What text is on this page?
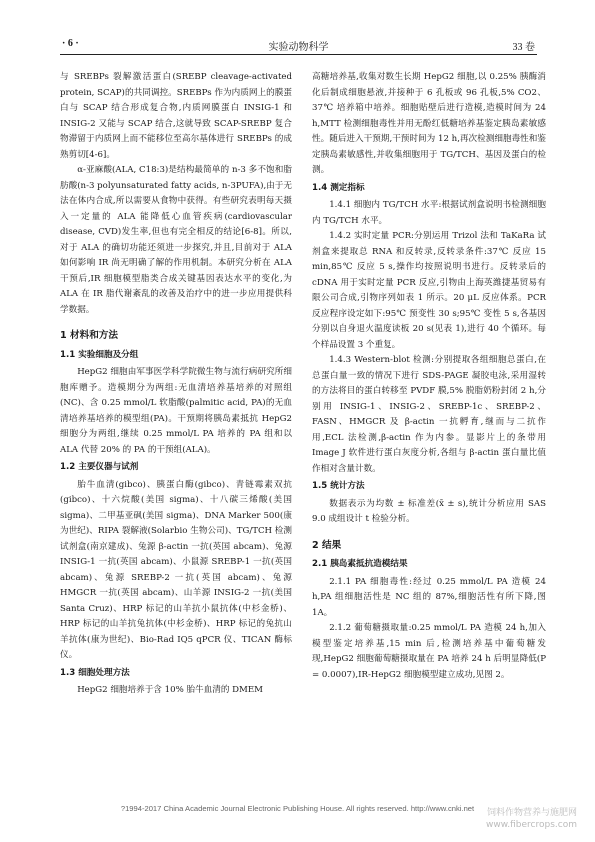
· 6 ·	实验动物科学	33 卷

与 SREBPs 裂解激活蛋白(SREBP cleavage-activated protein, SCAP)的共同调控。SREBPs 作为内质网上的膜蛋白与 SCAP 结合形成复合物,内质网膜蛋白 INSIG-1 和 INSIG-2 又能与 SCAP 结合,这就导致 SCAP-SREBP 复合物滞留于内质网上而不能移位至高尔基体进行 SREBPs 的成熟剪切[4-6]。

α-亚麻酸(ALA, C18:3)是结构最简单的 n-3 多不饱和脂肪酸(n-3 polyunsaturated fatty acids, n-3PUFA),由于无法在体内合成,所以需要从食物中获得。有些研究表明每天摄入一定量的 ALA 能降低心血管疾病(cardiovascular disease, CVD)发生率,但也有完全相反的结论[6-8]。所以,对于 ALA 的确切功能还须进一步探究,并且,目前对于 ALA 如何影响 IR 尚无明确了解的作用机制。本研究分析在 ALA 干预后,IR 细胞模型脂类合成关键基因表达水平的变化,为 ALA 在 IR 脂代谢紊乱的改善及治疗中的进一步应用提供科学数据。

1 材料和方法
1.1 实验细胞及分组

HepG2 细胞由军事医学科学院微生物与流行病研究所细胞库赠予。造模期分为两组:无血清培养基培养的对照组(NC)、含 0.25 mmol/L 软脂酸(palmitic acid, PA)的无血清培养基培养的模型组(PA)。干预期将胰岛素抵抗 HepG2 细胞分为两组,继续 0.25 mmol/L PA 培养的 PA 组和以 ALA 代替 20% 的 PA 的干预组(ALA)。

1.2 主要仪器与试剂

胎牛血清(gibco)、胰蛋白酶(gibco)、青链霉素双抗(gibco)、十六烷酸(美国 sigma)、十八碳三烯酸(美国 sigma)、二甲基亚砜(美国 sigma)、DNA Marker 500(康为世纪)、RIPA 裂解液(Solarbio 生物公司)、TG/TCH 检测试剂盒(南京建成)、兔源 β-actin 一抗(英国 abcam)、兔源 INSIG-1 一抗(英国 abcam)、小鼠源 SREBP-1 一抗(英国 abcam)、兔源 SREBP-2 一抗(英国 abcam)、兔源 HMGCR 一抗(英国 abcam)、山羊源 INSIG-2 一抗(美国 Santa Cruz)、HRP 标记的山羊抗小鼠抗体(中杉金桥)、HRP 标记的山羊抗兔抗体(中杉金桥)、HRP 标记的兔抗山羊抗体(康为世纪)、Bio-Rad IQ5 qPCR 仪、TICAN 酶标仪。

1.3 细胞处理方法

HepG2 细胞培养于含 10% 胎牛血清的 DMEM

高糖培养基,收集对数生长期 HepG2 细胞,以 0.25% 胰酶消化后制成细胞悬液,并接种于 6 孔板或 96 孔板,5% CO2、37℃ 培养箱中培养。细胞贴壁后进行造模,造模时间为 24 h,MTT 检测细胞毒性并用无酚红低糖培养基鉴定胰岛素敏感性。随后进入干预期,干预时间为 12 h,再次检测细胞毒性和鉴定胰岛素敏感性,并收集细胞用于 TG/TCH、基因及蛋白的检测。

1.4 测定指标

1.4.1 细胞内 TG/TCH 水平:根据试剂盒说明书检测细胞内 TG/TCH 水平。

1.4.2 实时定量 PCR:分别运用 Trizol 法和 TaKaRa 试剂盒来提取总 RNA 和反转录,反转录条件:37℃ 反应 15 min,85℃ 反应 5 s,操作均按照说明书进行。反转录后的 cDNA 用于实时定量 PCR 反应,引物由上海英潍捷基贸易有限公司合成,引物序列如表 1 所示。20 μL 反应体系。PCR 反应程序设定如下:95℃ 预变性 30 s;95℃ 变性 5 s,各基因分别以自身退火温度读板 20 s(见表 1),进行 40 个循环。每个样品设置 3 个重复。

1.4.3 Western-blot 检测:分别提取各组细胞总蛋白,在总蛋白量一致的情况下进行 SDS-PAGE 凝胶电泳,采用湿转的方法将目的蛋白转移至 PVDF 膜,5% 脱脂奶粉封闭 2 h,分别用 INSIG-1、INSIG-2、SREBP-1c、SREBP-2、FASN、HMGCR 及 β-actin 一抗孵育,继而与二抗作用,ECL 法检测,β-actin 作为内参。显影片上的条带用 Image J 软件进行蛋白灰度分析,各组与 β-actin 蛋白量比值作相对含量计数。

1.5 统计方法

数据表示为均数 ± 标准差(x̄ ± s),统计分析应用 SAS 9.0 成组设计 t 检验分析。

2 结果
2.1 胰岛素抵抗造模结果

2.1.1 PA 细胞毒性:经过 0.25 mmol/L PA 造模 24 h,PA 组细胞活性是 NC 组的 87%,细胞活性有所下降,图 1A。

2.1.2 葡萄糖摄取量:0.25 mmol/L PA 造模 24 h,加入模型鉴定培养基,15 min 后,检测培养基中葡萄糖发现,HepG2 细胞葡萄糖摄取量在 PA 培养 24 h 后明显降低(P = 0.0007),IR-HepG2 细胞模型建立成功,见图 2。

?1994-2017 China Academic Journal Electronic Publishing House. All rights reserved. http://www.cnki.net	饲料作物营养与施肥网
www.fibercrops.com
